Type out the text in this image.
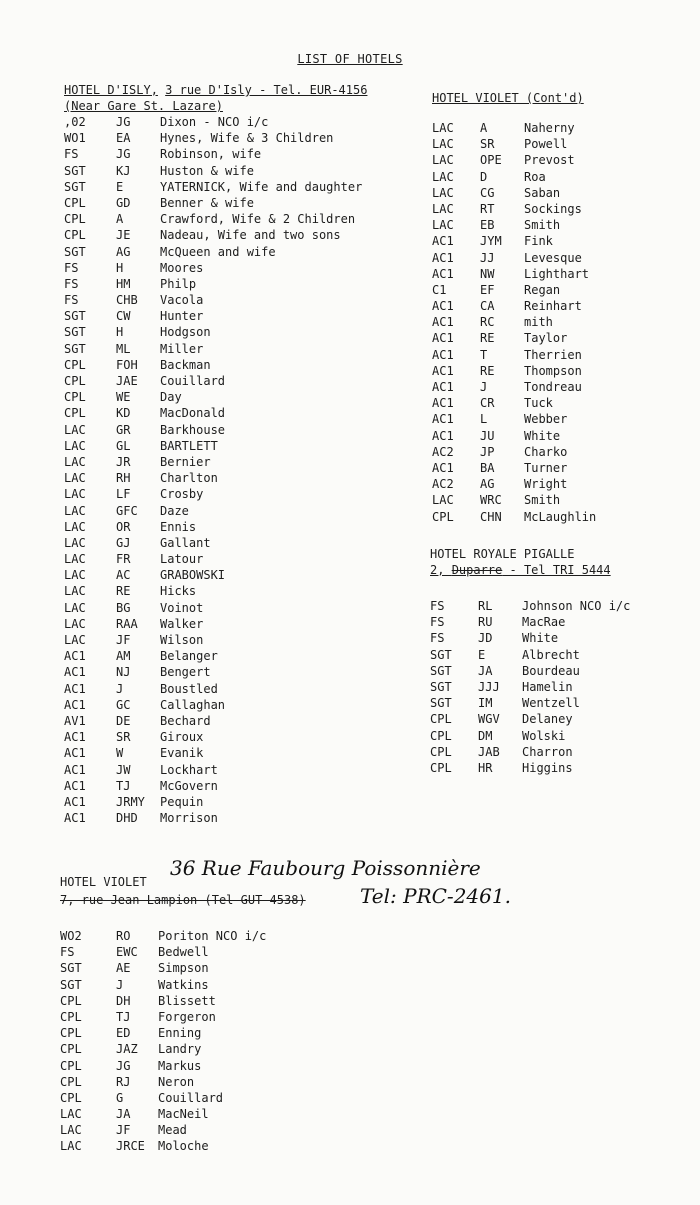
LIST OF HOTELS
HOTEL D'ISLY, 3 rue D'Isly - Tel. EUR-4156
(Near Gare St. Lazare)
‚02	JG Dixon - NCO i/c
WO1	EA Hynes, Wife & 3 Children
FS	JG Robinson, wife
SGT	KJ Huston & wife
SGT	E	YATERNICK, Wife and daughter
CPL	GD Benner & wife
CPL	A	Crawford, Wife & 2 Children
CPL	JE Nadeau, Wife and two sons
SGT	AG McQueen and wife
FS	H	Moores
FS	HM Philp
FS	CHB Vacola
SGT	CW Hunter
SGT	H	Hodgson
SGT	ML Miller
CPL	FOH Backman
CPL	JAE Couillard
CPL	WE Day
CPL	KD MacDonald
LAC	GR Barkhouse
LAC	GL BARTLETT
LAC	JR Bernier
LAC	RH Charlton
LAC	LF Crosby
LAC	GFC Daze
LAC	OR Ennis
LAC	GJ Gallant
LAC	FR Latour
LAC	AC GRABOWSKI
LAC	RE Hicks
LAC	BG Voinot
LAC	RAA Walker
LAC	JF Wilson
AC1	AM Belanger
AC1	NJ Bengert
AC1	J	Boustled
AC1	GC Callaghan
AV1	DE Bechard
AC1	SR Giroux
AC1	W	Evanik
AC1	JW Lockhart
AC1	TJ McGovern
AC1	JRMY Pequin
AC1	DHD Morrison
HOTEL VIOLET (Cont'd)
LAC A	Naherny
LAC SR Powell
LAC OPE Prevost
LAC D	Roa
LAC CG Saban
LAC RT Sockings
LAC EB Smith
AC1 JYM Fink
AC1 JJ Levesque
AC1 NW Lighthart
C1	EF Regan
AC1 CA Reinhart
AC1 RC mith
AC1 RE Taylor
AC1 T	Therrien
AC1 RE Thompson
AC1 J	Tondreau
AC1 CR Tuck
AC1 L	Webber
AC1 JU White
AC2 JP Charko
AC1 BA Turner
AC2 AG Wright
LAC WRC Smith
CPL CHN McLaughlin
HOTEL ROYALE PIGALLE
2, Duparre - Tel TRI 5444
FS	RL Johnson NCO i/c
FS	RU MacRae
FS	JD White
SGT E	Albrecht
SGT JA Bourdeau
SGT JJJ Hamelin
SGT IM Wentzell
CPL WGV Delaney
CPL DM Wolski
CPL JAB Charron
CPL HR Higgins
HOTEL VIOLET
7, rue Jean-Lampion (Tel GUT 4538)
WO2	RO Poriton NCO i/c
FS	EWC Bedwell
SGT	AE Simpson
SGT	J	Watkins
CPL	DH Blissett
CPL	TJ Forgeron
CPL	ED Enning
CPL	JAZ Landry
CPL	JG Markus
CPL	RJ Neron
CPL	G	Couillard
LAC	JA MacNeil
LAC	JF Mead
LAC	JRCE Moloche
36 Rue Faubourg Poissonnière
Tel: PRC-2461.
